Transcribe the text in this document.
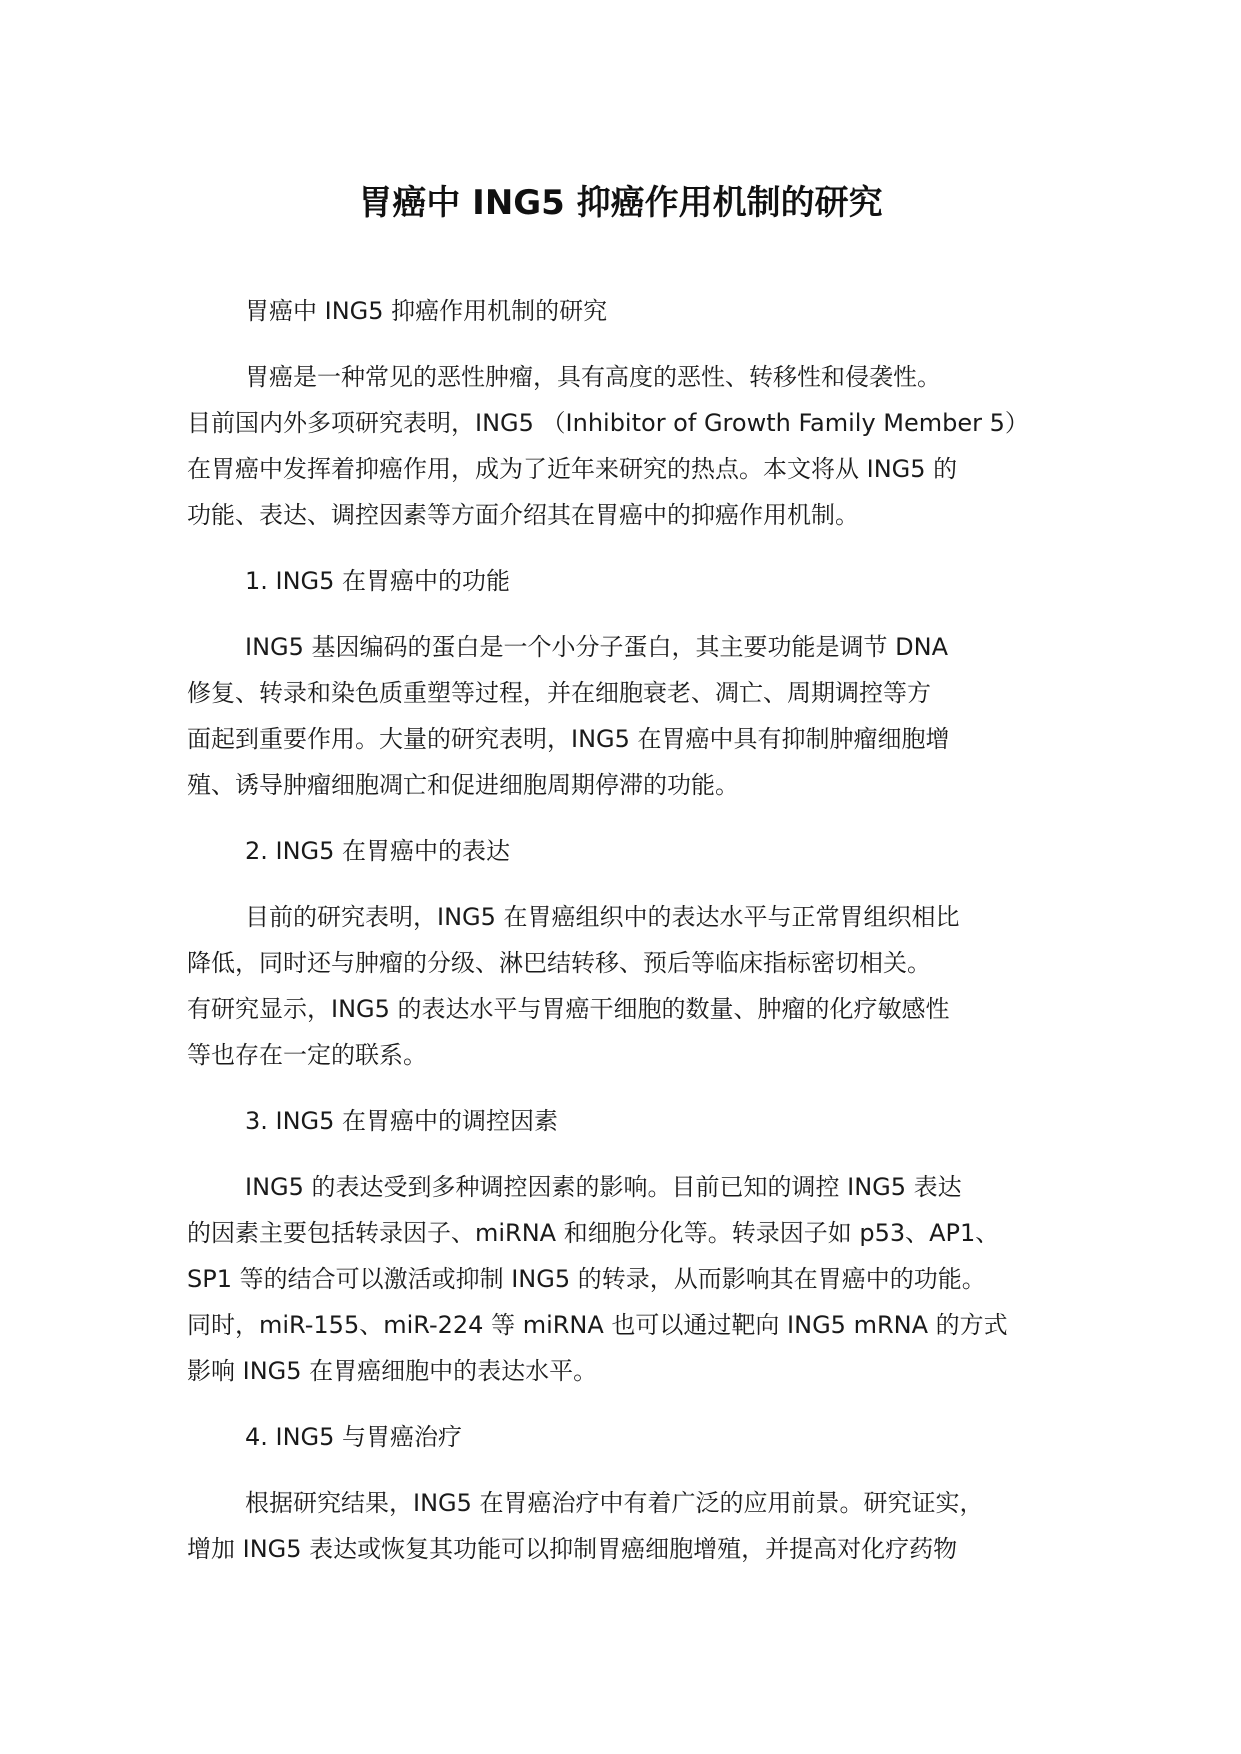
胃癌中 ING5 抑癌作用机制的研究

胃癌中 ING5 抑癌作用机制的研究

胃癌是一种常见的恶性肿瘤，具有高度的恶性、转移性和侵袭性。
目前国内外多项研究表明，ING5 （Inhibitor of Growth Family Member 5）
在胃癌中发挥着抑癌作用，成为了近年来研究的热点。本文将从 ING5 的
功能、表达、调控因素等方面介绍其在胃癌中的抑癌作用机制。

1. ING5 在胃癌中的功能

ING5 基因编码的蛋白是一个小分子蛋白，其主要功能是调节 DNA
修复、转录和染色质重塑等过程，并在细胞衰老、凋亡、周期调控等方
面起到重要作用。大量的研究表明，ING5 在胃癌中具有抑制肿瘤细胞增
殖、诱导肿瘤细胞凋亡和促进细胞周期停滞的功能。

2. ING5 在胃癌中的表达

目前的研究表明，ING5 在胃癌组织中的表达水平与正常胃组织相比
降低，同时还与肿瘤的分级、淋巴结转移、预后等临床指标密切相关。
有研究显示，ING5 的表达水平与胃癌干细胞的数量、肿瘤的化疗敏感性
等也存在一定的联系。

3. ING5 在胃癌中的调控因素

ING5 的表达受到多种调控因素的影响。目前已知的调控 ING5 表达
的因素主要包括转录因子、miRNA 和细胞分化等。转录因子如 p53、AP1、
SP1 等的结合可以激活或抑制 ING5 的转录，从而影响其在胃癌中的功能。
同时，miR-155、miR-224 等 miRNA 也可以通过靶向 ING5 mRNA 的方式
影响 ING5 在胃癌细胞中的表达水平。

4. ING5 与胃癌治疗

根据研究结果，ING5 在胃癌治疗中有着广泛的应用前景。研究证实，
增加 ING5 表达或恢复其功能可以抑制胃癌细胞增殖，并提高对化疗药物
